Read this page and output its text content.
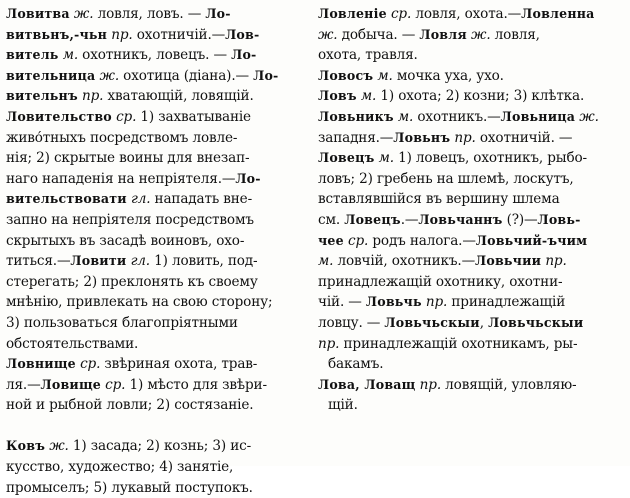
Ловитва ж. ловля, ловъ. — Ло-
витвьнъ,-чьн пр. охотничiй.—Лов-
витель м. охотникъ, ловецъ. — Ло-
вительница ж. охотица (дiана).— Ло-
вительнъ пр. хватающiй, ловящiй.
Ловительство ср. 1) захватыванiе
живо́тныхъ посредствомъ ловле-
нiя; 2) скрытые воины для внезап-
наго нападенiя на непрiятеля.—Ло-
вительствовати гл. нападать вне-
запно на непрiятеля посредствомъ
скрытыхъ въ засадѣ воиновъ, охо-
титься.—Ловити гл. 1) ловить, под-
стерегать; 2) преклонять къ своему
мнѣнiю, привлекать на свою сторону;
3) пользоваться благопрiятными
обстоятельствами.
Ловнище ср. звѣриная охота, трав-
ля.—Ловище ср. 1) мѣсто для звѣри-
ной и рыбной ловли; 2) состязанiе.
Ковъ ж. 1) засада; 2) кознь; 3) ис-
кусство, художество; 4) занятiе,
промыселъ; 5) лукавый поступокъ.
Ловленiе ср. ловля, охота.—Ловленна
ж. добыча. — Ловля ж. ловля,
охота, травля.
Ловосъ м. мочка уха, ухо.
Ловъ м. 1) охота; 2) козни; 3) клѣтка.
Ловьникъ м. охотникъ.—Ловьница ж.
западня.—Ловьнъ пр. охотничiй. —
Ловецъ м. 1) ловецъ, охотникъ, рыбо-
ловъ; 2) гребень на шлемѣ, лоскутъ,
вставлявшiйся въ вершину шлема
см. Ловецъ.—Ловьчаннъ (?)—Ловь-
чее ср. родъ налога.—Ловьчий-ъчим
м. ловчiй, охотникъ.—Ловьчии пр.
принадлежащiй охотнику, охотни-
чiй. — Ловьчь пр. принадлежащiй
ловцу. — Ловьчьскыи, Ловьчьскыи
пр. принадлежащiй охотникамъ, ры-
бакамъ.
Лова, Ловащ пр. ловящiй, уловляю-
щiй.
